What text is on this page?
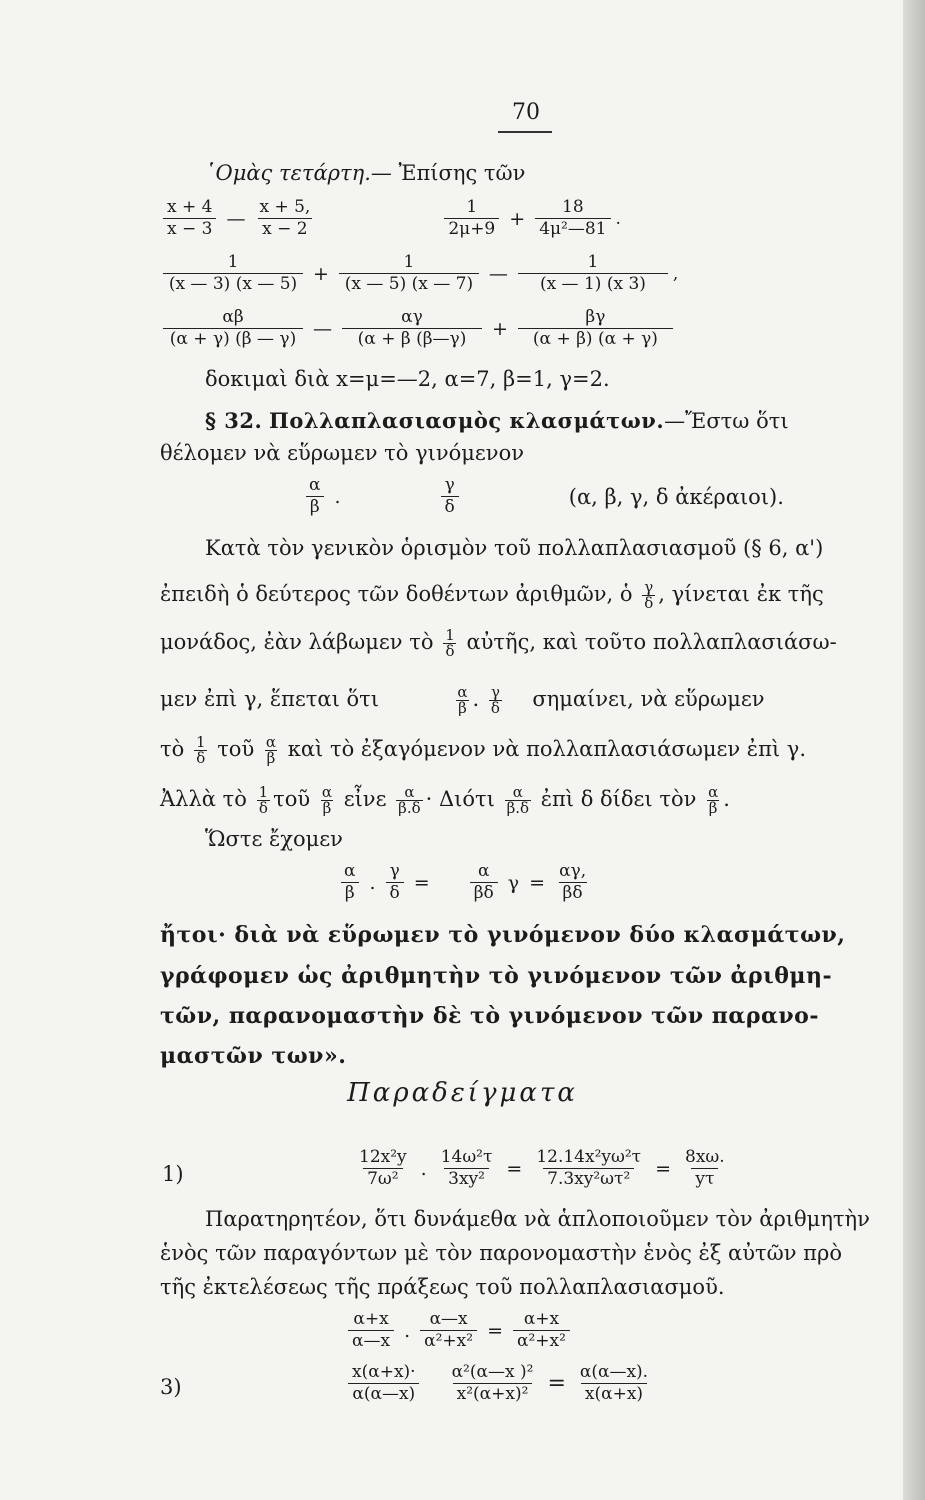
70
῾Ομὰς τετάρτη.— Ἐπίσης τῶν
$\frac{x + 4}{x - 3}$ — $\frac{x + 5,}{x - 2}$	$\frac{1}{2\mu+9} + \frac{18}{\text{4μ²—81}}$ .
$\frac{1}{(x — 3) (x — 5)} + \frac{1}{(x — 5) (x — 7)}$ — $\frac{1}{(x — 1) (x 3)}$ ,
$\frac{\alpha\beta}{(\alpha + \gamma) (\beta — \gamma)}$ — $\frac{\alpha\gamma}{(\alpha + \beta (\beta—\gamma)} + \frac{\beta\gamma}{(\alpha + \beta) (\alpha + \gamma)}$
δοκιμαὶ διὰ x=μ=—2, α=7, β=1, γ=2.
§ 32. Πολλαπλασιασμὸς κλασμάτων.—Ἔστω ὅτι
θέλομεν νὰ εὕρωμεν τὸ γινόμενον
$\frac{\alpha}{\beta}$ .	$\frac{\gamma}{\delta}$	(α, β, γ, δ ἀκέραιοι).
Κατὰ τὸν γενικὸν ὁρισμὸν τοῦ πολλαπλασιασμοῦ (§ 6, α')
ἐπειδὴ ὁ δεύτερος τῶν δοθέντων ἀριθμῶν, ὁ $\frac{\gamma}{\delta}$ , γίνεται ἐκ τῆς
μονάδος, ἐὰν λάβωμεν τὸ $\frac{1}{\delta}$ αὐτῆς, καὶ τοῦτο πολλαπλασιάσω-
μεν ἐπὶ γ, ἕπεται ὅτι	$\frac{\alpha}{\beta}$ . $\frac{\gamma}{\delta} \sigma\eta\mu\alpha ί\nu\varepsilon\iota$, νὰ εὕρωμεν
τὸ $\frac{1}{\delta}$ τοῦ $\frac{\alpha}{\beta}$ καὶ τὸ ἐξαγόμενον νὰ πολλαπλασιάσωμεν ἐπὶ γ.
Ἀλλὰ τὸ $\frac{1}{\delta}$ τοῦ $\frac{\alpha}{\beta}$ εἶνε $\frac{\alpha}{\beta.\delta} \cdot \Delta\iota ό\tau\iota \frac{\alpha}{\beta.\delta}$ ἐπὶ δ δίδει τὸν $\frac{\alpha}{\beta}$ .
Ὥστε ἔχομεν
$\frac{\alpha}{\beta}$ . $\frac{\gamma}{\delta} = \frac{\alpha}{\beta\delta}$ $\gamma = \frac{\alpha\gamma,}{\beta\delta}$
ἤτοι· διὰ νὰ εὕρωμεν τὸ γινόμενον δύο κλασμάτων,
γράφομεν ὡς ἀριθμητὴν τὸ γινόμενον τῶν ἀριθμη-
τῶν, παρανομαστὴν δὲ τὸ γινόμενον τῶν παρανο-
μαστῶν των».
Παραδείγματα
1)	$\frac{\text{12x²y}}{\text{7ω²}}$ . $\frac{\text{14ω²τ}}{\text{3xy²}} = \frac{\text{12.14x²yω²τ}}{\text{7.3xy²ωτ²}} = \frac{8x\omega.}{y\tau}$
Παρατηρητέον, ὅτι δυνάμεθα νὰ ἁπλοποιοῦμεν τὸν ἀριθμητὴν
ἑνὸς τῶν παραγόντων μὲ τὸν παρονομαστὴν ἑνὸς ἐξ αὐτῶν πρὸ
τῆς ἐκτελέσεως τῆς πράξεως τοῦ πολλαπλασιασμοῦ.
$\frac{\alpha+x}{\alpha—x}$ . $\frac{\alpha—x}{\text{α²+x²}} = \frac{\alpha+x}{\text{α²+x²}}$
3)	$\frac{x(\alpha+x)\cdot}{\alpha(\alpha—x)} \frac{\text{α²(α—x )²}}{\text{x²(α+x)²}} = \frac{\alpha(\alpha—x).}{x(\alpha+x)}$
